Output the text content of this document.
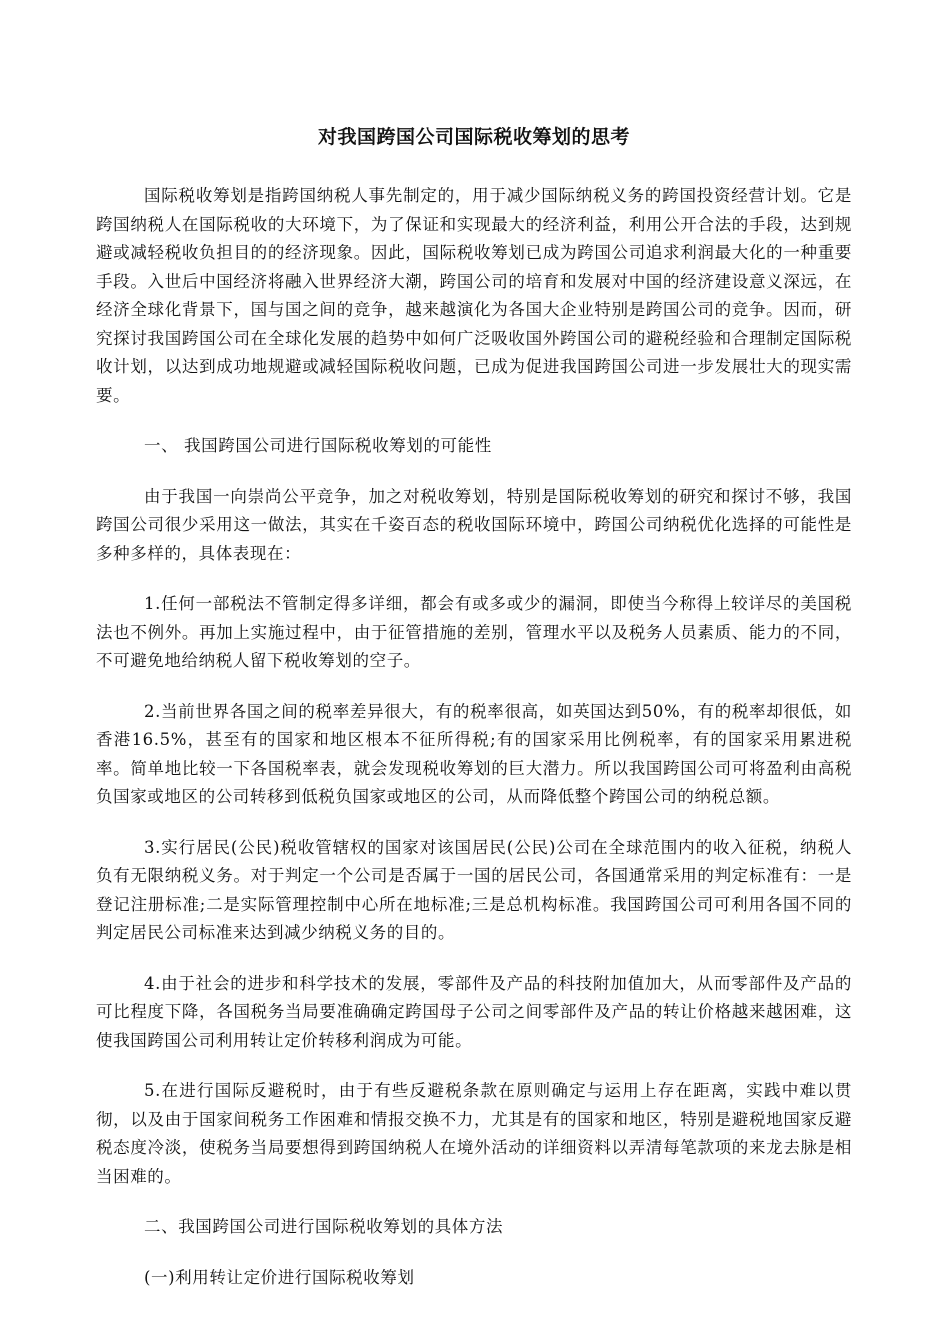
对我国跨国公司国际税收筹划的思考

国际税收筹划是指跨国纳税人事先制定的，用于减少国际纳税义务的跨国投资经营计划。它是跨国纳税人在国际税收的大环境下，为了保证和实现最大的经济利益，利用公开合法的手段，达到规避或减轻税收负担目的的经济现象。因此，国际税收筹划已成为跨国公司追求利润最大化的一种重要手段。入世后中国经济将融入世界经济大潮，跨国公司的培育和发展对中国的经济建设意义深远，在经济全球化背景下，国与国之间的竞争，越来越演化为各国大企业特别是跨国公司的竞争。因而，研究探讨我国跨国公司在全球化发展的趋势中如何广泛吸收国外跨国公司的避税经验和合理制定国际税收计划，以达到成功地规避或减轻国际税收问题，已成为促进我国跨国公司进一步发展壮大的现实需要。

一、 我国跨国公司进行国际税收筹划的可能性

由于我国一向崇尚公平竞争，加之对税收筹划，特别是国际税收筹划的研究和探讨不够，我国跨国公司很少采用这一做法，其实在千姿百态的税收国际环境中，跨国公司纳税优化选择的可能性是多种多样的，具体表现在：

1.任何一部税法不管制定得多详细，都会有或多或少的漏洞，即使当今称得上较详尽的美国税法也不例外。再加上实施过程中，由于征管措施的差别，管理水平以及税务人员素质、能力的不同，不可避免地给纳税人留下税收筹划的空子。

2.当前世界各国之间的税率差异很大，有的税率很高，如英国达到50%，有的税率却很低，如香港16.5%，甚至有的国家和地区根本不征所得税;有的国家采用比例税率，有的国家采用累进税率。简单地比较一下各国税率表，就会发现税收筹划的巨大潜力。所以我国跨国公司可将盈利由高税负国家或地区的公司转移到低税负国家或地区的公司，从而降低整个跨国公司的纳税总额。

3.实行居民(公民)税收管辖权的国家对该国居民(公民)公司在全球范围内的收入征税，纳税人负有无限纳税义务。对于判定一个公司是否属于一国的居民公司，各国通常采用的判定标准有：一是登记注册标准;二是实际管理控制中心所在地标准;三是总机构标准。我国跨国公司可利用各国不同的判定居民公司标准来达到减少纳税义务的目的。

4.由于社会的进步和科学技术的发展，零部件及产品的科技附加值加大，从而零部件及产品的可比程度下降，各国税务当局要准确确定跨国母子公司之间零部件及产品的转让价格越来越困难，这使我国跨国公司利用转让定价转移利润成为可能。

5.在进行国际反避税时，由于有些反避税条款在原则确定与运用上存在距离，实践中难以贯彻，以及由于国家间税务工作困难和情报交换不力，尤其是有的国家和地区，特别是避税地国家反避税态度冷淡，使税务当局要想得到跨国纳税人在境外活动的详细资料以弄清每笔款项的来龙去脉是相当困难的。

二、我国跨国公司进行国际税收筹划的具体方法

(一)利用转让定价进行国际税收筹划
